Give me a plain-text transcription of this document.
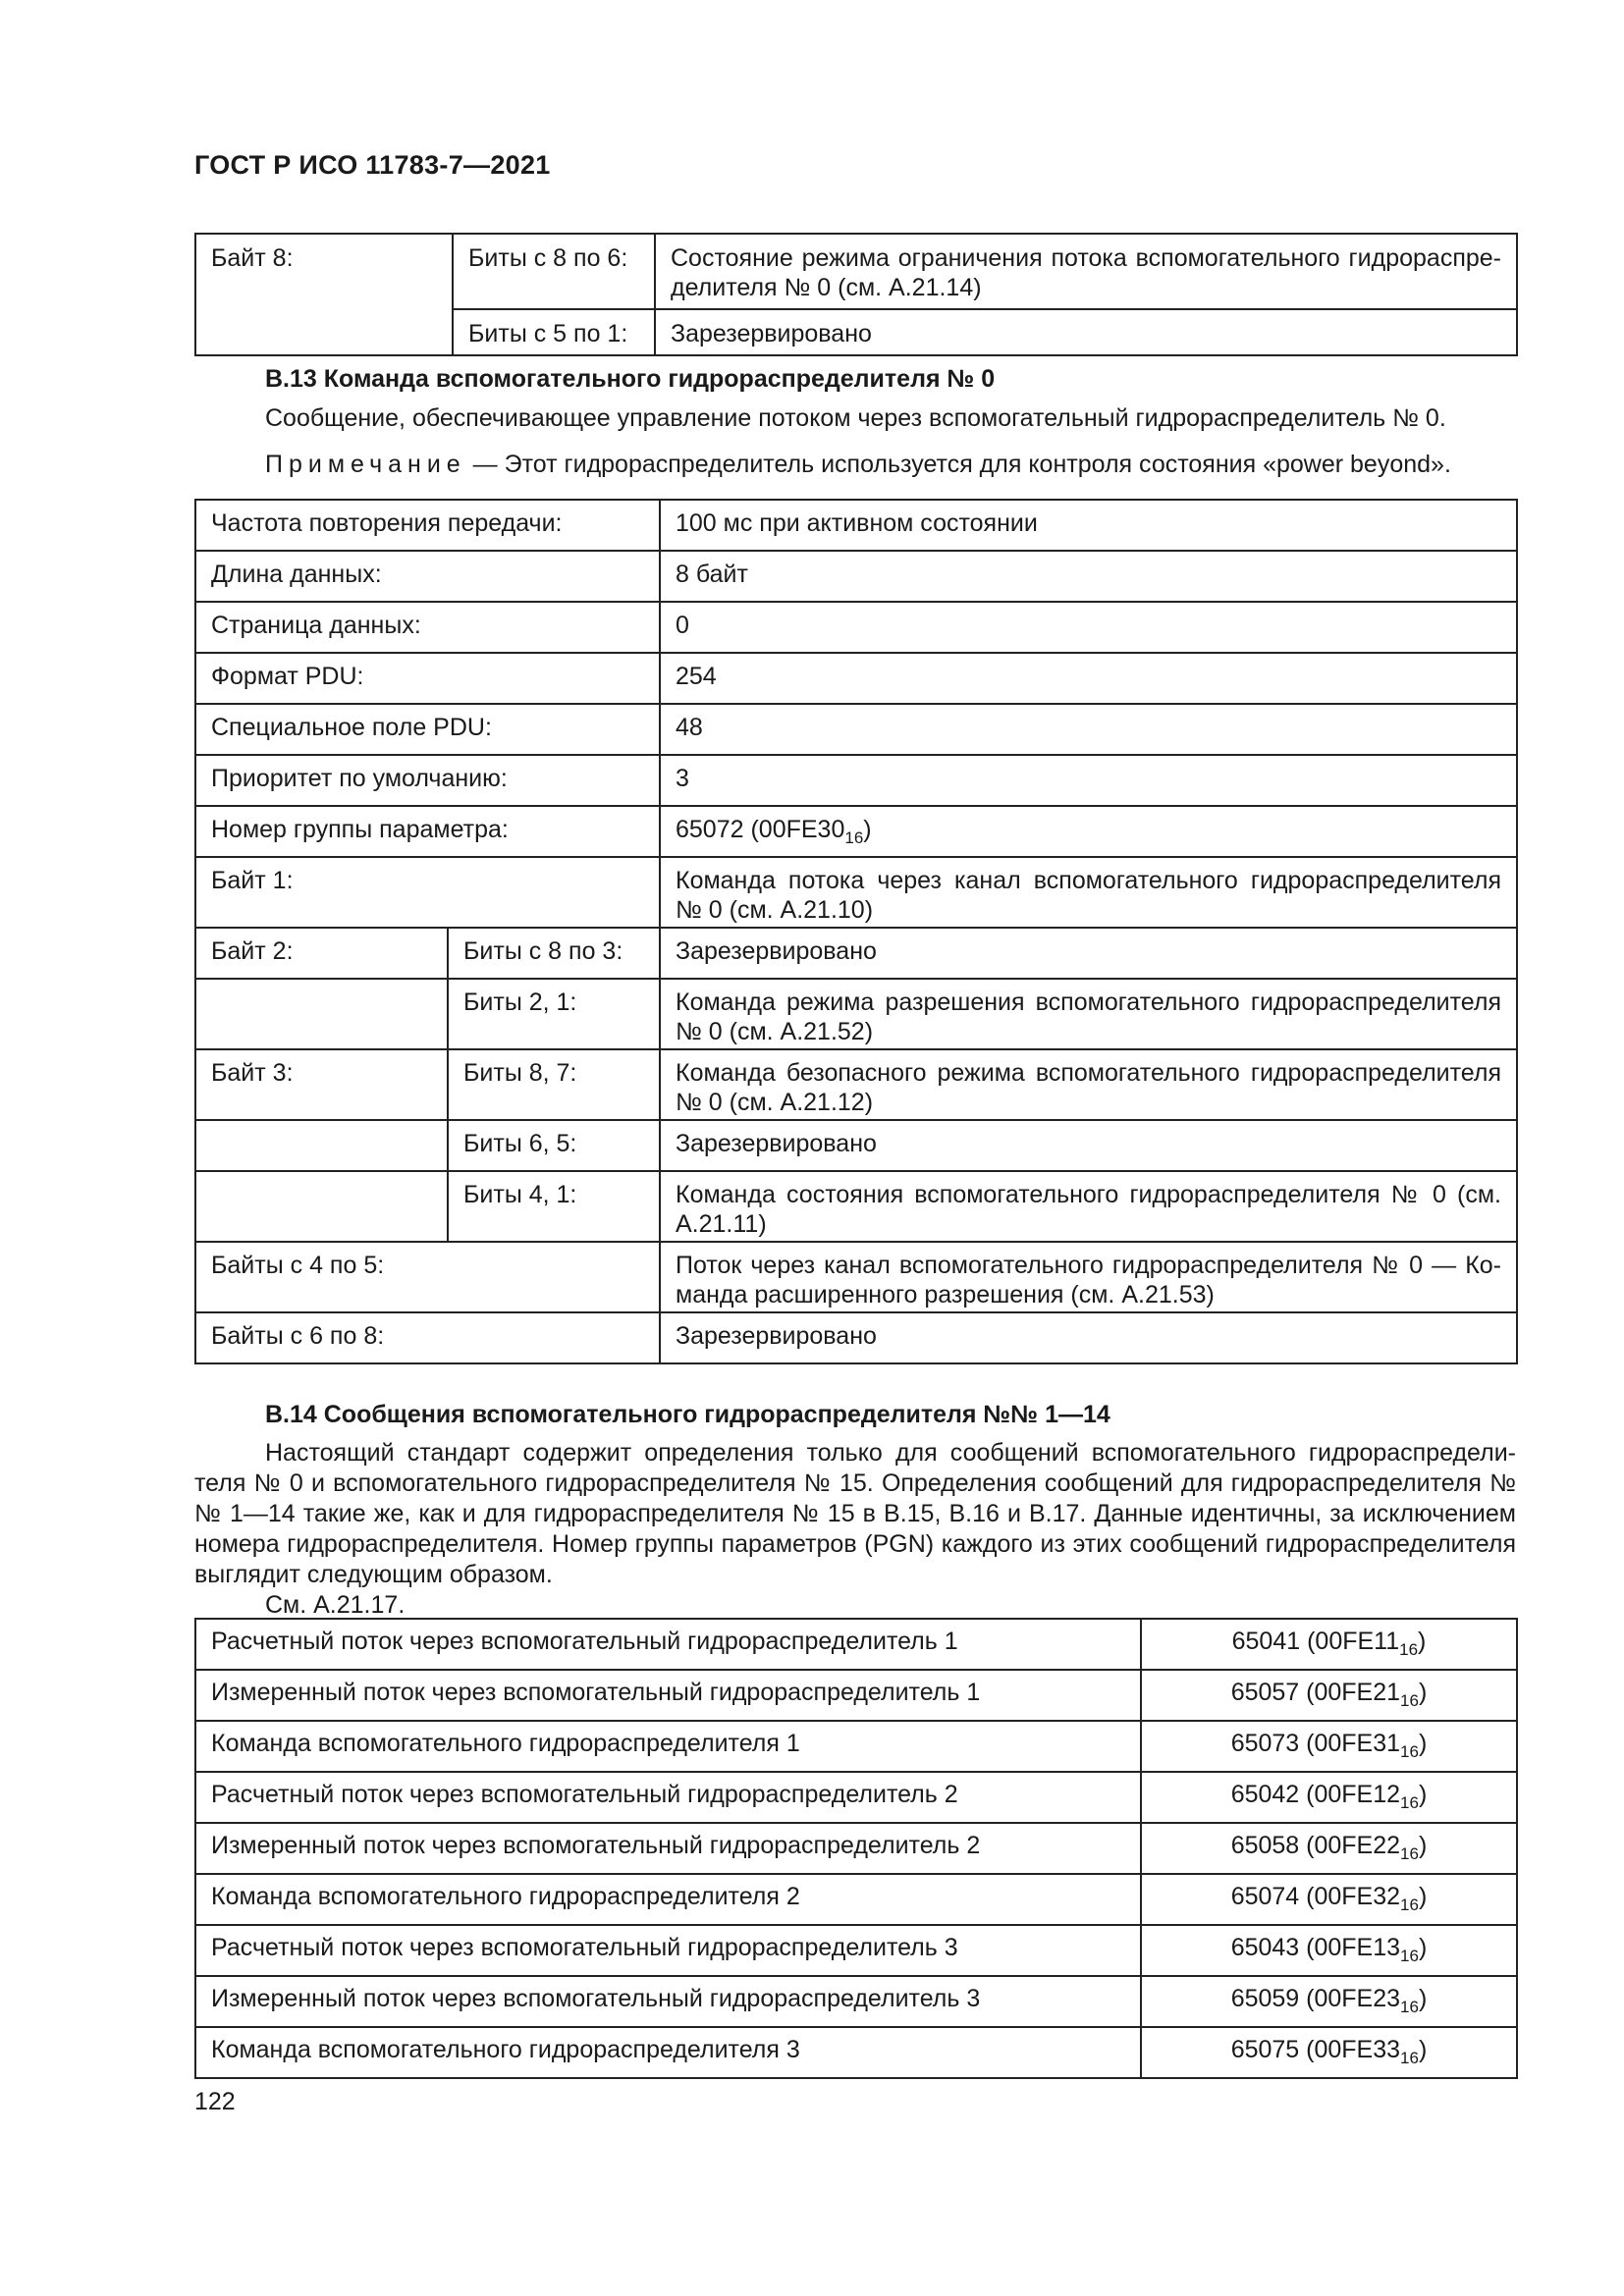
ГОСТ Р ИСО 11783-7—2021
Байт 8:	Биты с 8 по 6:	Состояние режима ограничения потока вспомогательного гидрораспре-делителя № 0 (см. А.21.14)
	Биты с 5 по 1:	Зарезервировано
В.13 Команда вспомогательного гидрораспределителя № 0
Сообщение, обеспечивающее управление потоком через вспомогательный гидрораспределитель № 0.
Примечание — Этот гидрораспределитель используется для контроля состояния «power beyond».
Частота повторения передачи:		100 мс при активном состоянии
Длина данных:		8 байт
Страница данных:		0
Формат PDU:		254
Специальное поле PDU:		48
Приоритет по умолчанию:		3
Номер группы параметра:		65072 $(00FE30_{16})$
Байт 1:		Команда потока через канал вспомогательного гидрораспределителя № 0 (см. А.21.10)
Байт 2:	Биты с 8 по 3:	Зарезервировано
	Биты 2, 1:	Команда режима разрешения вспомогательного гидрораспределителя № 0 (см. А.21.52)
Байт 3:	Биты 8, 7:	Команда безопасного режима вспомогательного гидрораспределителя № 0 (см. А.21.12)
	Биты 6, 5:	Зарезервировано
	Биты 4, 1:	Команда состояния вспомогательного гидрораспределителя № 0 (см. А.21.11)
Байты с 4 по 5:		Поток через канал вспомогательного гидрораспределителя № 0 — Ко-манда расширенного разрешения (см. А.21.53)
Байты с 6 по 8:		Зарезервировано
В.14 Сообщения вспомогательного гидрораспределителя №№ 1—14
Настоящий стандарт содержит определения только для сообщений вспомогательного гидрораспредели-теля № 0 и вспомогательного гидрораспределителя № 15. Определения сообщений для гидрораспределителя №№ 1—14 такие же, как и для гидрораспределителя № 15 в В.15, В.16 и В.17. Данные идентичны, за исключением номера гидрораспределителя. Номер группы параметров (PGN) каждого из этих сообщений гидрораспределителя выглядит следующим образом.
См. А.21.17.
Расчетный поток через вспомогательный гидрораспределитель 1	65041 $(00FE11_{16})$
Измеренный поток через вспомогательный гидрораспределитель 1	65057 $(00FE21_{16})$
Команда вспомогательного гидрораспределителя 1	65073 $(00FE31_{16})$
Расчетный поток через вспомогательный гидрораспределитель 2	65042 $(00FE12_{16})$
Измеренный поток через вспомогательный гидрораспределитель 2	65058 $(00FE22_{16})$
Команда вспомогательного гидрораспределителя 2	65074 $(00FE32_{16})$
Расчетный поток через вспомогательный гидрораспределитель 3	65043 $(00FE13_{16})$
Измеренный поток через вспомогательный гидрораспределитель 3	65059 $(00FE23_{16})$
Команда вспомогательного гидрораспределителя 3	65075 $(00FE33_{16})$
122
